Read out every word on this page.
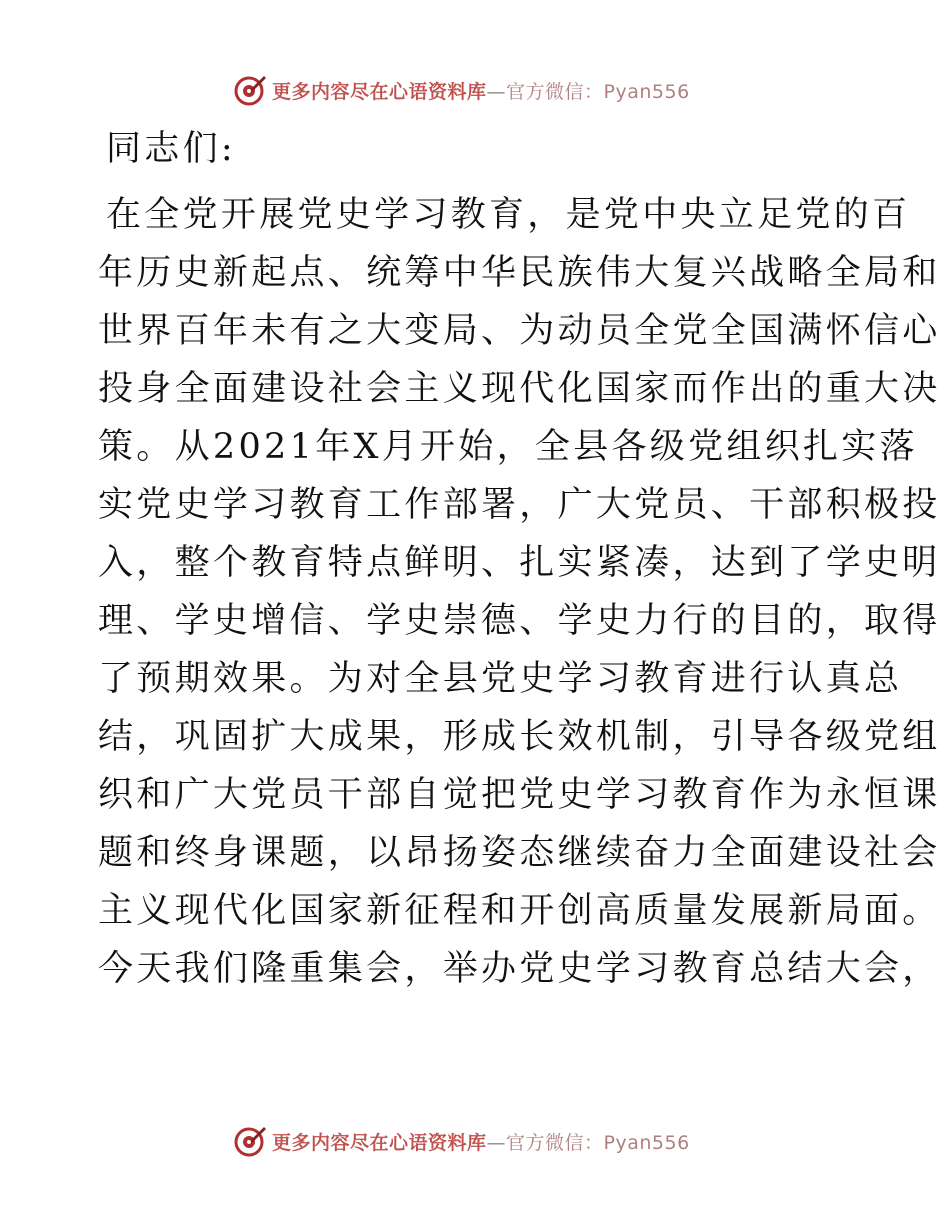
更多内容尽在心语资料库—官方微信：Pyan556

同志们:

在全党开展党史学习教育，是党中央立足党的百

年历史新起点、统筹中华民族伟大复兴战略全局和

世界百年未有之大变局、为动员全党全国满怀信心

投身全面建设社会主义现代化国家而作出的重大决

策。从2021年X月开始，全县各级党组织扎实落

实党史学习教育工作部署，广大党员、干部积极投

入，整个教育特点鲜明、扎实紧凑，达到了学史明

理、学史增信、学史崇德、学史力行的目的，取得

了预期效果。为对全县党史学习教育进行认真总

结，巩固扩大成果，形成长效机制，引导各级党组

织和广大党员干部自觉把党史学习教育作为永恒课

题和终身课题，以昂扬姿态继续奋力全面建设社会

主义现代化国家新征程和开创高质量发展新局面。

今天我们隆重集会，举办党史学习教育总结大会，

更多内容尽在心语资料库—官方微信：Pyan556
